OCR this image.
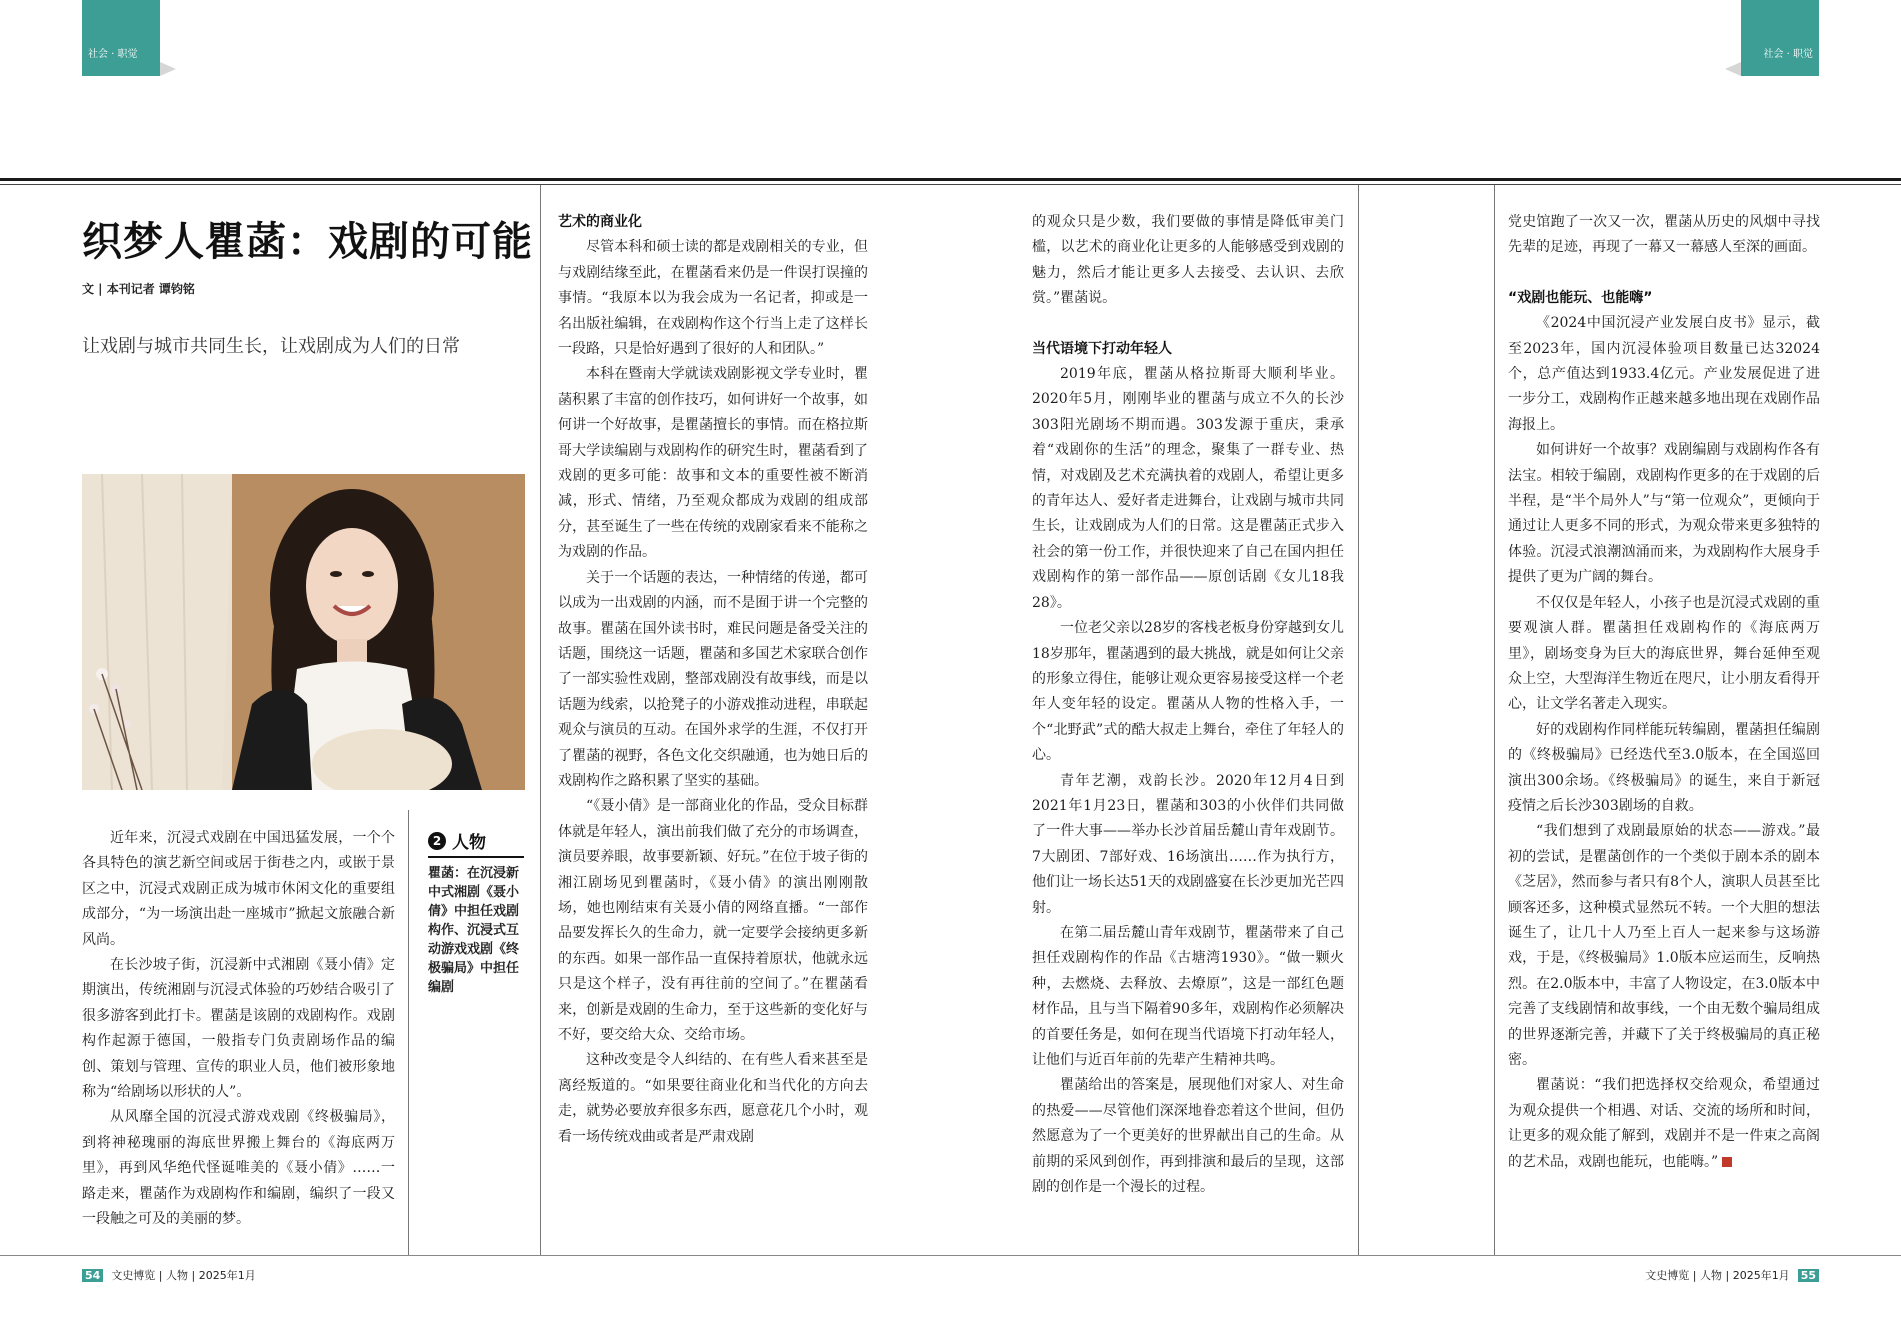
社会 · 职觉	社会 · 职觉
织梦人瞿菡：戏剧的可能
文 | 本刊记者 谭钧铭
让戏剧与城市共同生长，让戏剧成为人们的日常

近年来，沉浸式戏剧在中国迅猛发展，一个个各具特色的演艺新空间或居于街巷之内，或嵌于景区之中，沉浸式戏剧正成为城市休闲文化的重要组成部分，“为一场演出赴一座城市”掀起文旅融合新风尚。

在长沙坡子街，沉浸新中式湘剧《聂小倩》定期演出，传统湘剧与沉浸式体验的巧妙结合吸引了很多游客到此打卡。瞿菡是该剧的戏剧构作。戏剧构作起源于德国，一般指专门负责剧场作品的编创、策划与管理、宣传的职业人员，他们被形象地称为“给剧场以形状的人”。

从风靡全国的沉浸式游戏戏剧《终极骗局》，到将神秘瑰丽的海底世界搬上舞台的《海底两万里》，再到风华绝代怪诞唯美的《聂小倩》……一路走来，瞿菡作为戏剧构作和编剧，编织了一段又一段触之可及的美丽的梦。

2 人物
瞿菡：在沉浸新中式湘剧《聂小倩》中担任戏剧构作、沉浸式互动游戏戏剧《终极骗局》中担任编剧
艺术的商业化

尽管本科和硕士读的都是戏剧相关的专业，但与戏剧结缘至此，在瞿菡看来仍是一件误打误撞的事情。“我原本以为我会成为一名记者，抑或是一名出版社编辑，在戏剧构作这个行当上走了这样长一段路，只是恰好遇到了很好的人和团队。”

本科在暨南大学就读戏剧影视文学专业时，瞿菡积累了丰富的创作技巧，如何讲好一个故事，如何讲一个好故事，是瞿菡擅长的事情。而在格拉斯哥大学读编剧与戏剧构作的研究生时，瞿菡看到了戏剧的更多可能：故事和文本的重要性被不断消减，形式、情绪，乃至观众都成为戏剧的组成部分，甚至诞生了一些在传统的戏剧家看来不能称之为戏剧的作品。

关于一个话题的表达，一种情绪的传递，都可以成为一出戏剧的内涵，而不是囿于讲一个完整的故事。瞿菡在国外读书时，难民问题是备受关注的话题，围绕这一话题，瞿菡和多国艺术家联合创作了一部实验性戏剧，整部戏剧没有故事线，而是以话题为线索，以抢凳子的小游戏推动进程，串联起观众与演员的互动。在国外求学的生涯，不仅打开了瞿菡的视野，各色文化交织融通，也为她日后的戏剧构作之路积累了坚实的基础。

“《聂小倩》是一部商业化的作品，受众目标群体就是年轻人，演出前我们做了充分的市场调查，演员要养眼，故事要新颖、好玩。”在位于坡子街的湘江剧场见到瞿菡时，《聂小倩》的演出刚刚散场，她也刚结束有关聂小倩的网络直播。“一部作品要发挥长久的生命力，就一定要学会接纳更多新的东西。如果一部作品一直保持着原状，他就永远只是这个样子，没有再往前的空间了。”在瞿菡看来，创新是戏剧的生命力，至于这些新的变化好与不好，要交给大众、交给市场。

这种改变是令人纠结的、在有些人看来甚至是离经叛道的。“如果要往商业化和当代化的方向去走，就势必要放弃很多东西，愿意花几个小时，观看一场传统戏曲或者是严肃戏剧

的观众只是少数，我们要做的事情是降低审美门槛，以艺术的商业化让更多的人能够感受到戏剧的魅力，然后才能让更多人去接受、去认识、去欣赏。”瞿菡说。

当代语境下打动年轻人

2019年底，瞿菡从格拉斯哥大顺利毕业。2020年5月，刚刚毕业的瞿菡与成立不久的长沙303阳光剧场不期而遇。303发源于重庆，秉承着“戏剧你的生活”的理念，聚集了一群专业、热情，对戏剧及艺术充满执着的戏剧人，希望让更多的青年达人、爱好者走进舞台，让戏剧与城市共同生长，让戏剧成为人们的日常。这是瞿菡正式步入社会的第一份工作，并很快迎来了自己在国内担任戏剧构作的第一部作品——原创话剧《女儿18我28》。

一位老父亲以28岁的客栈老板身份穿越到女儿18岁那年，瞿菡遇到的最大挑战，就是如何让父亲的形象立得住，能够让观众更容易接受这样一个老年人变年轻的设定。瞿菡从人物的性格入手，一个“北野武”式的酷大叔走上舞台，牵住了年轻人的心。

青年艺潮，戏韵长沙。2020年12月4日到2021年1月23日，瞿菡和303的小伙伴们共同做了一件大事——举办长沙首届岳麓山青年戏剧节。7大剧团、7部好戏、16场演出……作为执行方，他们让一场长达51天的戏剧盛宴在长沙更加光芒四射。

在第二届岳麓山青年戏剧节，瞿菡带来了自己担任戏剧构作的作品《古塘湾1930》。“做一颗火种，去燃烧、去释放、去燎原”，这是一部红色题材作品，且与当下隔着90多年，戏剧构作必须解决的首要任务是，如何在现当代语境下打动年轻人，让他们与近百年前的先辈产生精神共鸣。

瞿菡给出的答案是，展现他们对家人、对生命的热爱——尽管他们深深地眷恋着这个世间，但仍然愿意为了一个更美好的世界献出自己的生命。从前期的采风到创作，再到排演和最后的呈现，这部剧的创作是一个漫长的过程。

党史馆跑了一次又一次，瞿菡从历史的风烟中寻找先辈的足迹，再现了一幕又一幕感人至深的画面。

“戏剧也能玩、也能嗨”

《2024中国沉浸产业发展白皮书》显示，截至2023年，国内沉浸体验项目数量已达32024个，总产值达到1933.4亿元。产业发展促进了进一步分工，戏剧构作正越来越多地出现在戏剧作品海报上。

如何讲好一个故事？戏剧编剧与戏剧构作各有法宝。相较于编剧，戏剧构作更多的在于戏剧的后半程，是“半个局外人”与“第一位观众”，更倾向于通过让人更多不同的形式，为观众带来更多独特的体验。沉浸式浪潮汹涌而来，为戏剧构作大展身手提供了更为广阔的舞台。

不仅仅是年轻人，小孩子也是沉浸式戏剧的重要观演人群。瞿菡担任戏剧构作的《海底两万里》，剧场变身为巨大的海底世界，舞台延伸至观众上空，大型海洋生物近在咫尺，让小朋友看得开心，让文学名著走入现实。

好的戏剧构作同样能玩转编剧，瞿菡担任编剧的《终极骗局》已经迭代至3.0版本，在全国巡回演出300余场。《终极骗局》的诞生，来自于新冠疫情之后长沙303剧场的自救。

“我们想到了戏剧最原始的状态——游戏。”最初的尝试，是瞿菡创作的一个类似于剧本杀的剧本《芝居》，然而参与者只有8个人，演职人员甚至比顾客还多，这种模式显然玩不转。一个大胆的想法诞生了，让几十人乃至上百人一起来参与这场游戏，于是，《终极骗局》1.0版本应运而生，反响热烈。在2.0版本中，丰富了人物设定，在3.0版本中完善了支线剧情和故事线，一个由无数个骗局组成的世界逐渐完善，并藏下了关于终极骗局的真正秘密。

瞿菡说：“我们把选择权交给观众，希望通过为观众提供一个相遇、对话、交流的场所和时间，让更多的观众能了解到，戏剧并不是一件束之高阁的艺术品，戏剧也能玩，也能嗨。”

54 文史博览 | 人物 | 2025年1月	文史博览 | 人物 | 2025年1月 55
